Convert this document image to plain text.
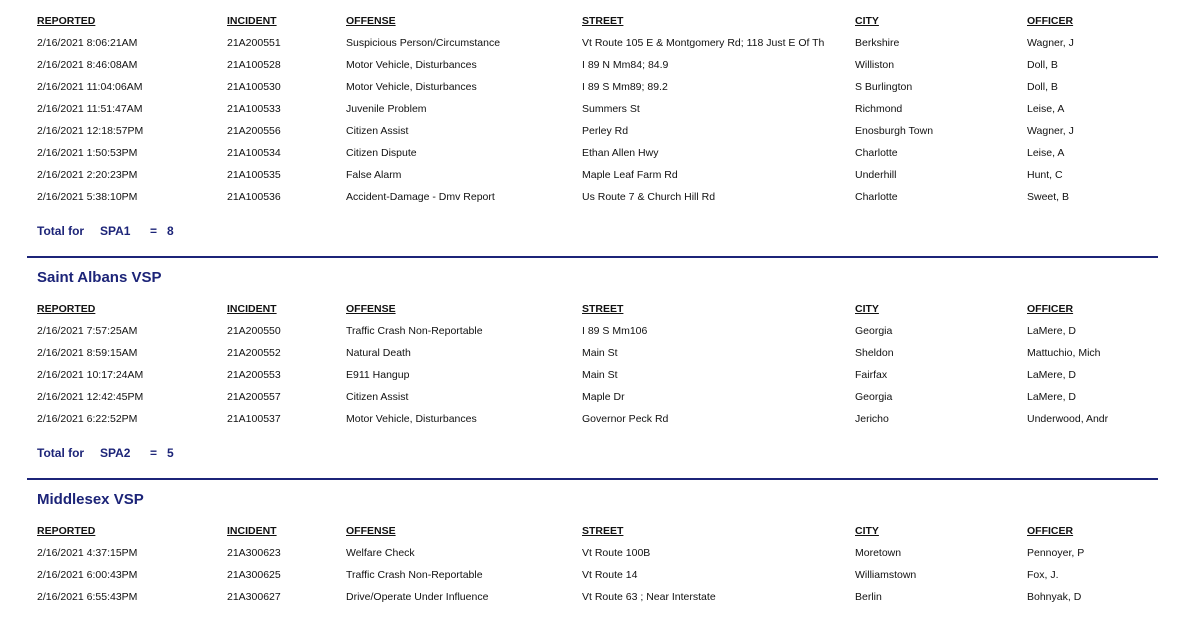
REPORTED	INCIDENT	OFFENSE	STREET	CITY	OFFICER
2/16/2021 8:06:21AM	21A200551	Suspicious Person/Circumstance	Vt Route 105 E & Montgomery Rd; 118 Just E Of Th	Berkshire	Wagner, J
2/16/2021 8:46:08AM	21A100528	Motor Vehicle, Disturbances	I 89 N Mm84; 84.9	Williston	Doll, B
2/16/2021 11:04:06AM	21A100530	Motor Vehicle, Disturbances	I 89 S Mm89; 89.2	S Burlington	Doll, B
2/16/2021 11:51:47AM	21A100533	Juvenile Problem	Summers St	Richmond	Leise, A
2/16/2021 12:18:57PM	21A200556	Citizen Assist	Perley Rd	Enosburgh Town	Wagner, J
2/16/2021 1:50:53PM	21A100534	Citizen Dispute	Ethan Allen Hwy	Charlotte	Leise, A
2/16/2021 2:20:23PM	21A100535	False Alarm	Maple Leaf Farm Rd	Underhill	Hunt, C
2/16/2021 5:38:10PM	21A100536	Accident-Damage - Dmv Report	Us Route 7 & Church Hill Rd	Charlotte	Sweet, B
Total for SPA1 = 8
Saint Albans VSP
REPORTED	INCIDENT	OFFENSE	STREET	CITY	OFFICER
2/16/2021 7:57:25AM	21A200550	Traffic Crash Non-Reportable	I 89 S Mm106	Georgia	LaMere, D
2/16/2021 8:59:15AM	21A200552	Natural Death	Main St	Sheldon	Mattuchio, Mich
2/16/2021 10:17:24AM	21A200553	E911 Hangup	Main St	Fairfax	LaMere, D
2/16/2021 12:42:45PM	21A200557	Citizen Assist	Maple Dr	Georgia	LaMere, D
2/16/2021 6:22:52PM	21A100537	Motor Vehicle, Disturbances	Governor Peck Rd	Jericho	Underwood, Andr
Total for SPA2 = 5
Middlesex VSP
REPORTED	INCIDENT	OFFENSE	STREET	CITY	OFFICER
2/16/2021 4:37:15PM	21A300623	Welfare Check	Vt Route 100B	Moretown	Pennoyer, P
2/16/2021 6:00:43PM	21A300625	Traffic Crash Non-Reportable	Vt Route 14	Williamstown	Fox, J.
2/16/2021 6:55:43PM	21A300627	Drive/Operate Under Influence	Vt Route 63 ; Near Interstate	Berlin	Bohnyak, D
